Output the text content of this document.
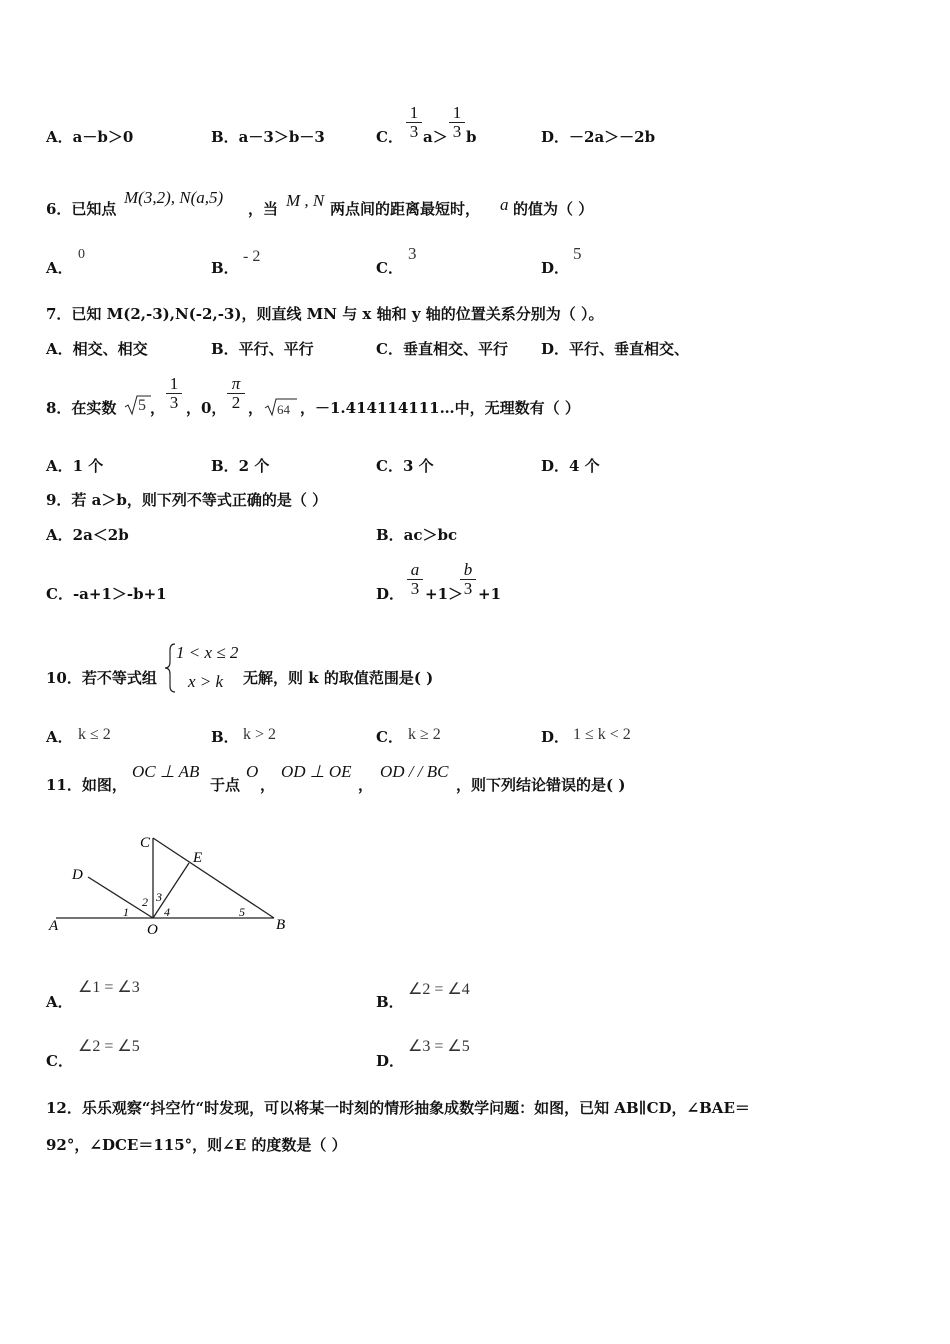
A．a－b＞0	B．a－3＞b－3	C． $\frac{1}{3} a> \frac{1}{3}$ b	D．－2a＞－2b
6．已知点
M(3,2), N(a,5)
，当 M , N 两点间的距离最短时， a 的值为（ ）
A．
0
B．
- 2
C．
3
D．
5
7．已知 M(2,-3),N(-2,-3)，则直线 MN 与 x 轴和 y 轴的位置关系分别为（ ）。
A．相交、相交	B．平行、平行	C．垂直相交、平行 D．平行、垂直相交、
8．在实数 5 ， $\frac{1}{3}$ ，0， $\frac{\pi}{2}$ ， 64 ，－1.414114111…中，无理数有（ ）
A．1 个	B．2 个	C．3 个	D．4 个
9．若 a＞b，则下列不等式正确的是（ ）
A．2a＜2b	B．ac＞bc
C．-a+1＞-b+1	D． $\frac{a}{3} +1>$
$\frac{b}{3} +1$
10．若不等式组
1 < x ≤ 2
x > k 无解，则 k 的取值范围是( )
A． k ≤ 2	B． k > 2	C． k ≥ 2	D． 1 ≤ k < 2
11．如图，
OC ⊥ AB
于点
O
，
OD ⊥ OE
，
OD / / BC
，则下列结论错误的是( )
A	B
C
D
E
O
1
2 3
4	5
A．
∠1 = ∠3
B．
∠2 = ∠4
C．
∠2 = ∠5
D．
∠3 = ∠5
12．乐乐观察“抖空竹“时发现，可以将某一时刻的情形抽象成数学问题：如图，已知 AB∥CD，∠BAE＝
92°，∠DCE＝115°，则∠E 的度数是（ ）
